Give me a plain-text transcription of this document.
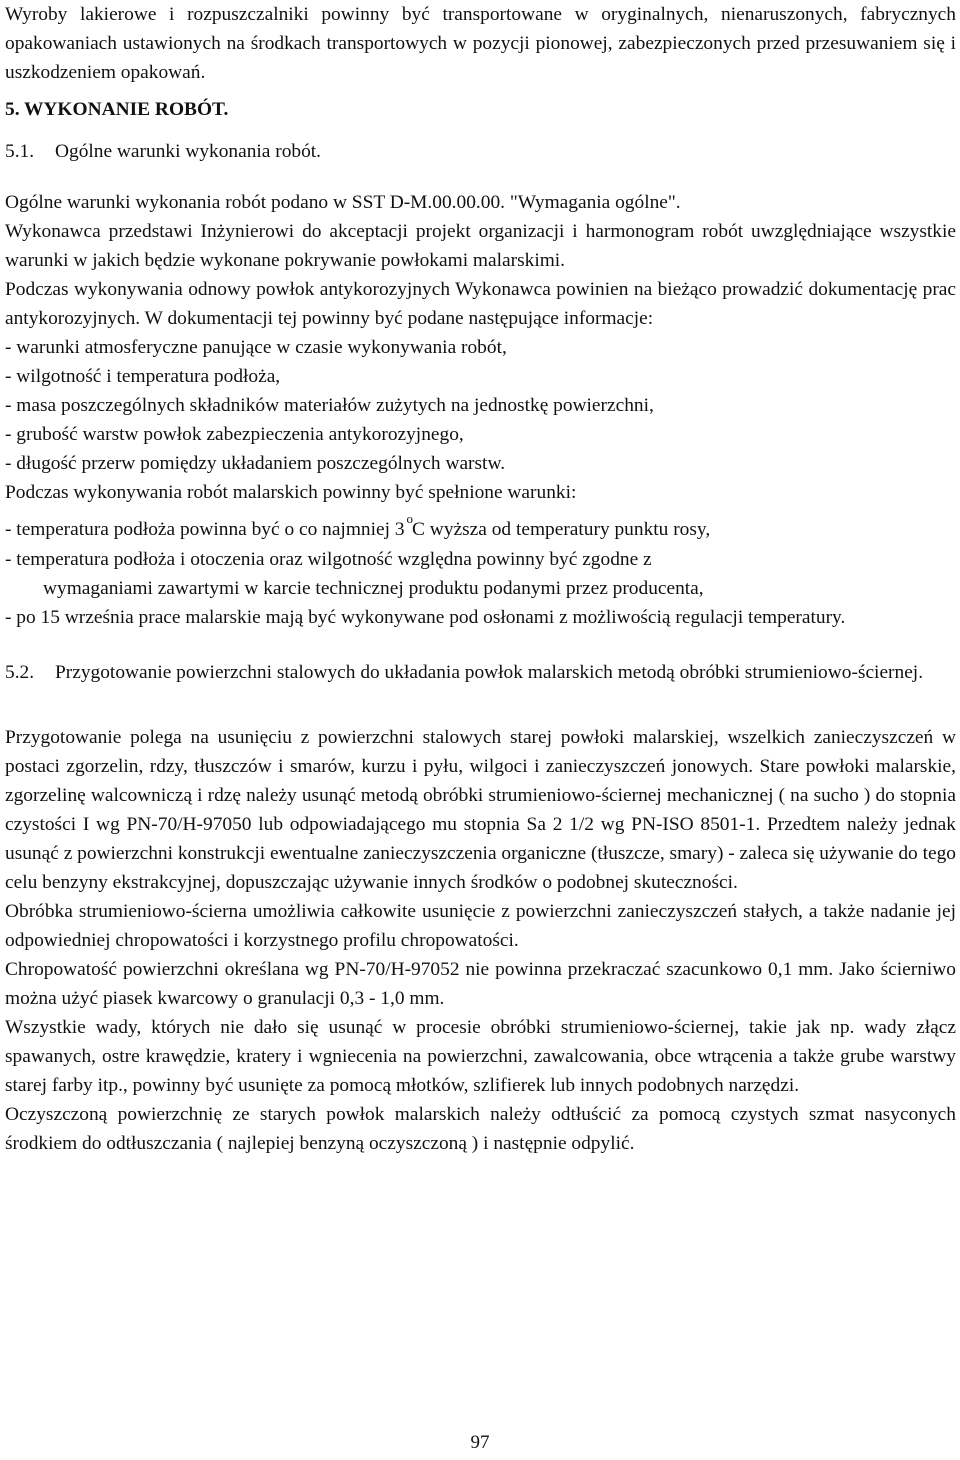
Wyroby lakierowe i rozpuszczalniki powinny być transportowane w oryginalnych, nienaruszonych, fabrycznych opakowaniach ustawionych na środkach transportowych w pozycji pionowej, zabezpieczonych przed przesuwaniem się i uszkodzeniem opakowań.

5. WYKONANIE ROBÓT.

5.1.	Ogólne warunki wykonania robót.

Ogólne warunki wykonania robót podano w SST D-M.00.00.00. "Wymagania ogólne".

Wykonawca przedstawi Inżynierowi do akceptacji projekt organizacji i harmonogram robót uwzględniające wszystkie warunki w jakich będzie wykonane pokrywanie powłokami malarskimi.

Podczas wykonywania odnowy powłok antykorozyjnych Wykonawca powinien na bieżąco prowadzić dokumentację prac antykorozyjnych. W dokumentacji tej powinny być podane następujące informacje:

- warunki atmosferyczne panujące w czasie wykonywania robót,

- wilgotność i temperatura podłoża,

- masa poszczególnych składników materiałów zużytych na jednostkę powierzchni,

- grubość warstw powłok zabezpieczenia antykorozyjnego,

- długość przerw pomiędzy układaniem poszczególnych warstw.

Podczas wykonywania robót malarskich powinny być spełnione warunki:

- temperatura podłoża powinna być o co najmniej 3$^o$C wyższa od temperatury punktu rosy,

- temperatura podłoża i otoczenia oraz wilgotność względna powinny być zgodne z

wymaganiami zawartymi w karcie technicznej produktu podanymi przez producenta,

- po 15 września prace malarskie mają być wykonywane pod osłonami z możliwością regulacji temperatury.

5.2.	Przygotowanie powierzchni stalowych do układania powłok malarskich metodą obróbki strumieniowo-ściernej.

Przygotowanie polega na usunięciu z powierzchni stalowych starej powłoki malarskiej, wszelkich zanieczyszczeń w postaci zgorzelin, rdzy, tłuszczów i smarów, kurzu i pyłu, wilgoci i zanieczyszczeń jonowych. Stare powłoki malarskie, zgorzelinę walcowniczą i rdzę należy usunąć metodą obróbki strumieniowo-ściernej mechanicznej ( na sucho ) do stopnia czystości I wg PN-70/H-97050 lub odpowiadającego mu stopnia Sa 2 1/2 wg PN-ISO 8501-1. Przedtem należy jednak usunąć z powierzchni konstrukcji ewentualne zanieczyszczenia organiczne (tłuszcze, smary) - zaleca się używanie do tego celu benzyny ekstrakcyjnej, dopuszczając używanie innych środków o podobnej skuteczności.

Obróbka strumieniowo-ścierna umożliwia całkowite usunięcie z powierzchni zanieczyszczeń stałych, a także nadanie jej odpowiedniej chropowatości i korzystnego profilu chropowatości.

Chropowatość powierzchni określana wg PN-70/H-97052 nie powinna przekraczać szacunkowo 0,1 mm. Jako ścierniwo można użyć piasek kwarcowy o granulacji 0,3 - 1,0 mm.

Wszystkie wady, których nie dało się usunąć w procesie obróbki strumieniowo-ściernej, takie jak np. wady złącz spawanych, ostre krawędzie, kratery i wgniecenia na powierzchni, zawalcowania, obce wtrącenia a także grube warstwy starej farby itp., powinny być usunięte za pomocą młotków, szlifierek lub innych podobnych narzędzi.

Oczyszczoną powierzchnię ze starych powłok malarskich należy odtłuścić za pomocą czystych szmat nasyconych środkiem do odtłuszczania ( najlepiej benzyną oczyszczoną ) i następnie odpylić.

97
